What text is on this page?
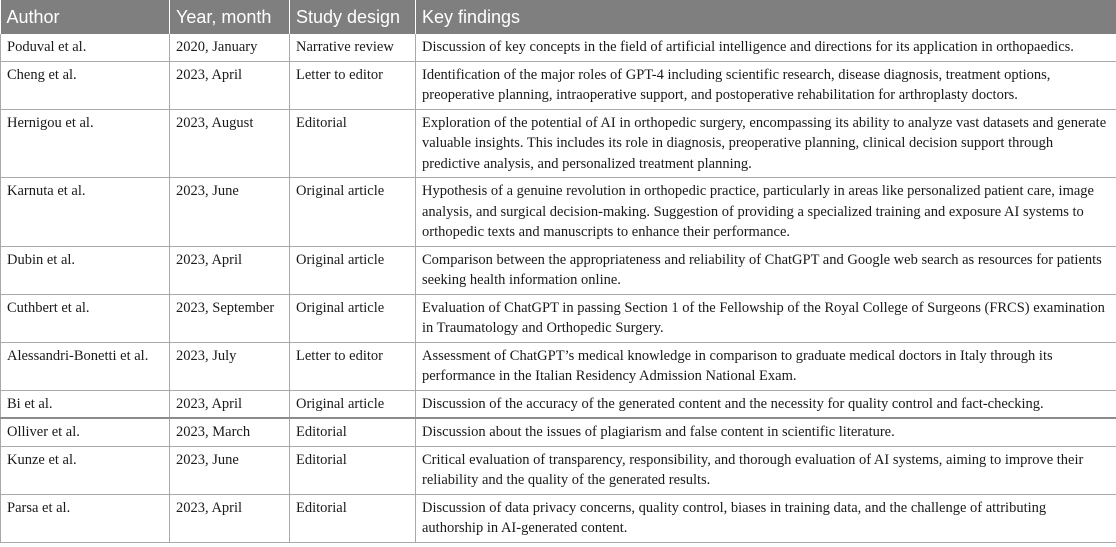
Author	Year, month	Study design	Key findings
Poduval et al.	2020, January	Narrative review	Discussion of key concepts in the field of artificial intelligence and directions for its application in orthopaedics.
Cheng et al.	2023, April	Letter to editor	Identification of the major roles of GPT-4 including scientific research, disease diagnosis, treatment options, preoperative planning, intraoperative support, and postoperative rehabilitation for arthroplasty doctors.
Hernigou et al.	2023, August	Editorial	Exploration of the potential of AI in orthopedic surgery, encompassing its ability to analyze vast datasets and generate valuable insights. This includes its role in diagnosis, preoperative planning, clinical decision support through predictive analysis, and personalized treatment planning.
Karnuta et al.	2023, June	Original article	Hypothesis of a genuine revolution in orthopedic practice, particularly in areas like personalized patient care, image analysis, and surgical decision-making. Suggestion of providing a specialized training and exposure AI systems to orthopedic texts and manuscripts to enhance their performance.
Dubin et al.	2023, April	Original article	Comparison between the appropriateness and reliability of ChatGPT and Google web search as resources for patients seeking health information online.
Cuthbert et al.	2023, September	Original article	Evaluation of ChatGPT in passing Section 1 of the Fellowship of the Royal College of Surgeons (FRCS) examination in Traumatology and Orthopedic Surgery.
Alessandri-Bonetti et al.	2023, July	Letter to editor	Assessment of ChatGPT’s medical knowledge in comparison to graduate medical doctors in Italy through its performance in the Italian Residency Admission National Exam.
Bi et al.	2023, April	Original article	Discussion of the accuracy of the generated content and the necessity for quality control and fact-checking.
Olliver et al.	2023, March	Editorial	Discussion about the issues of plagiarism and false content in scientific literature.
Kunze et al.	2023, June	Editorial	Critical evaluation of transparency, responsibility, and thorough evaluation of AI systems, aiming to improve their reliability and the quality of the generated results.
Parsa et al.	2023, April	Editorial	Discussion of data privacy concerns, quality control, biases in training data, and the challenge of attributing authorship in AI-generated content.
